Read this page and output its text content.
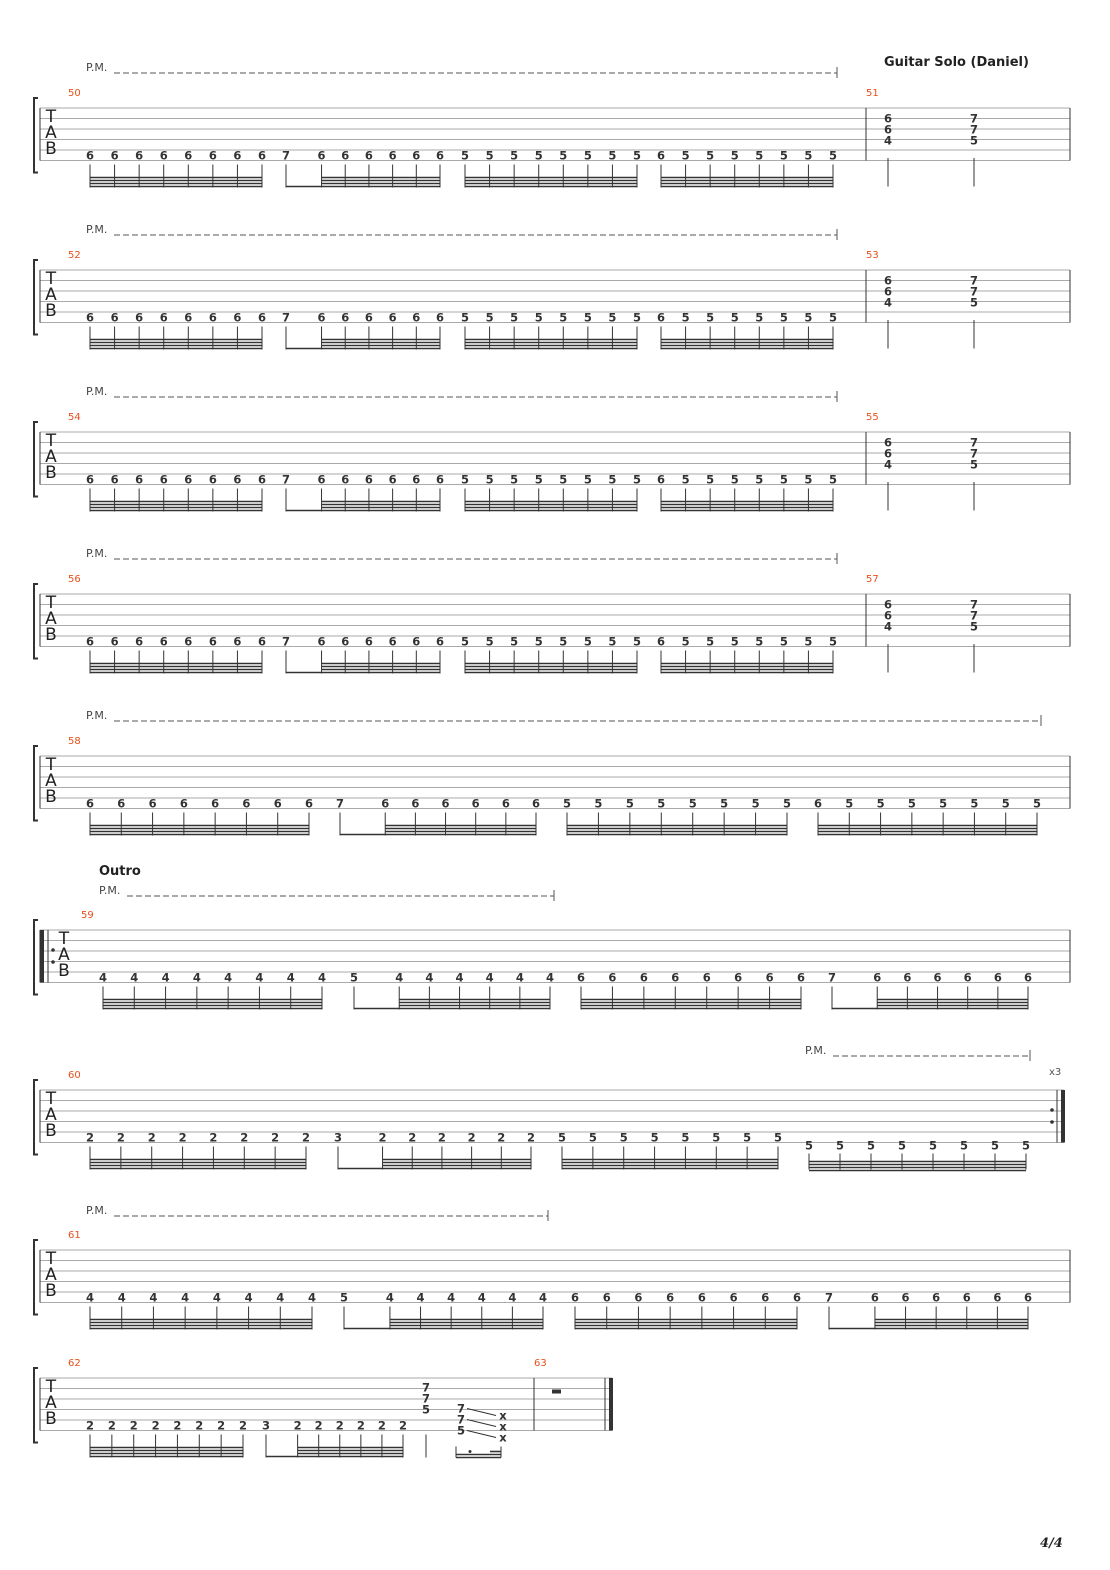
T
A
B
P.M.	Guitar Solo (Daniel)
50
6 6 6 6 6 6 6 6 7 6 6 6 6 6 6 5 5 5 5 5 5 5 5 6 5 5 5 5 5 5 5
51
6
6
4
7
7
5
T
A
B
P.M.
52
6 6 6 6 6 6 6 6 7 6 6 6 6 6 6 5 5 5 5 5 5 5 5 6 5 5 5 5 5 5 5
53
6
6
4
7
7
5
T
A
B
P.M.
54
6 6 6 6 6 6 6 6 7 6 6 6 6 6 6 5 5 5 5 5 5 5 5 6 5 5 5 5 5 5 5
55
6
6
4
7
7
5
T
A
B
P.M.
56
6 6 6 6 6 6 6 6 7 6 6 6 6 6 6 5 5 5 5 5 5 5 5 6 5 5 5 5 5 5 5
57
6
6
4
7
7
5
T
A
B
P.M.
58
6 6 6 6 6 6 6 6 7	6 6 6 6 6 6 5 5 5 5 5 5 5 5 6 5 5 5 5 5 5 5
T
A
B
P.M.
Outro
59
4 4 4 4 4 4 4 4 5	4 4 4 4 4 4 6 6 6 6 6 6 6 6 7	6 6 6 6 6 6
T
A
B
x3
P.M.
60
2 2 2 2 2 2 2 2 3	2 2 2 2 2 2 5 5 5 5 5 5 5 5
5 5 5 5 5 5 5 5
T
A
B
P.M.
61
4 4 4 4 4 4 4 4 5	4 4 4 4 4 4 6 6 6 6 6 6 6 6 7	6 6 6 6 6 6
T
A
B
62
2 2 2 2 2 2 2 2 3 2 2 2 2 2 2
7
7
5 7
7
5
x
x
x
63
4/4
